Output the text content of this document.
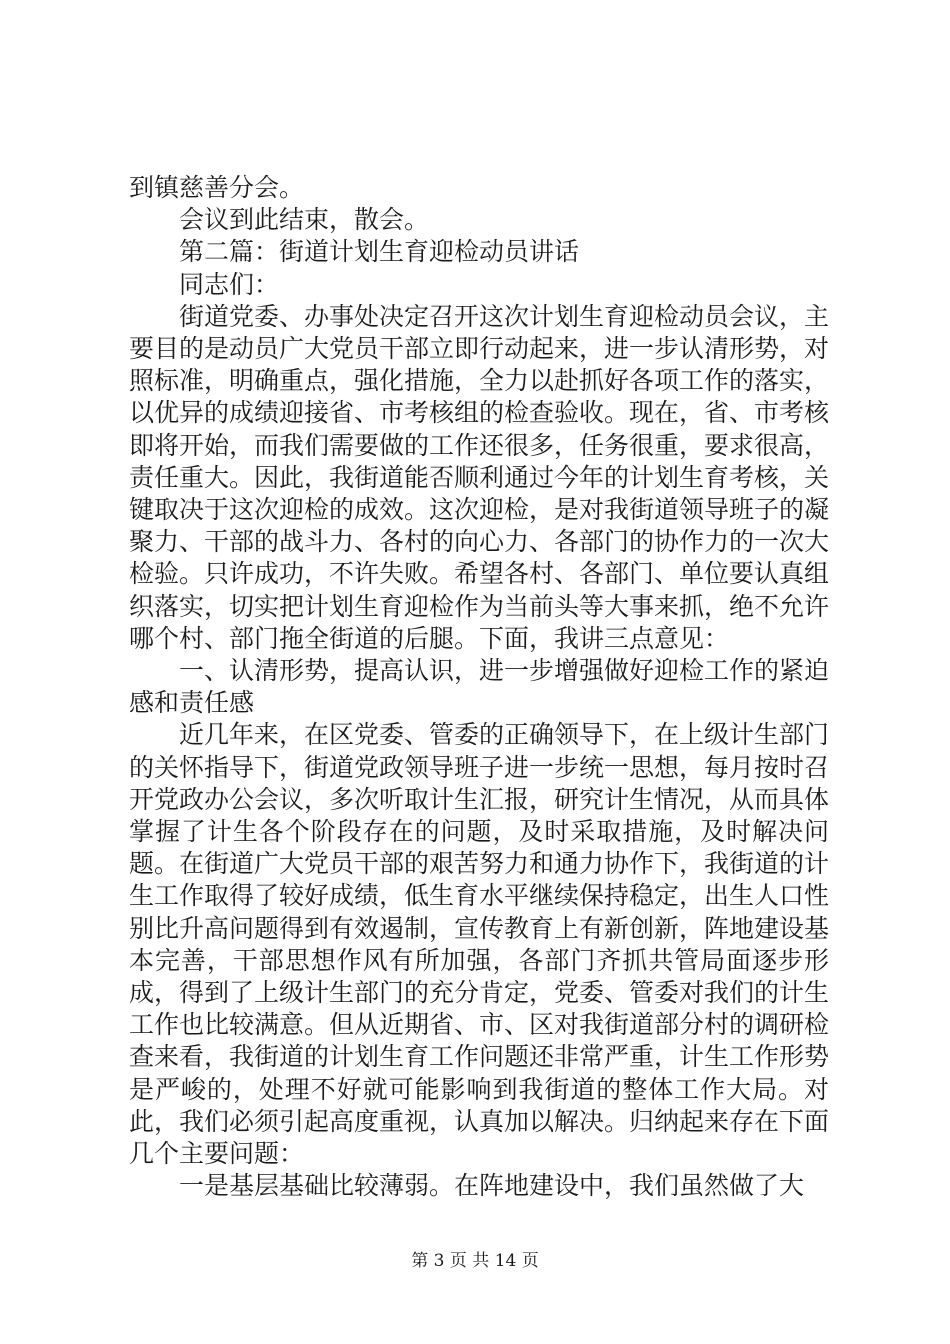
到镇慈善分会。

会议到此结束，散会。

第二篇：街道计划生育迎检动员讲话

同志们：

街道党委、办事处决定召开这次计划生育迎检动员会议，主要目的是动员广大党员干部立即行动起来，进一步认清形势，对照标准，明确重点，强化措施，全力以赴抓好各项工作的落实，以优异的成绩迎接省、市考核组的检查验收。现在，省、市考核即将开始，而我们需要做的工作还很多，任务很重，要求很高，责任重大。因此，我街道能否顺利通过今年的计划生育考核，关键取决于这次迎检的成效。这次迎检，是对我街道领导班子的凝聚力、干部的战斗力、各村的向心力、各部门的协作力的一次大检验。只许成功，不许失败。希望各村、各部门、单位要认真组织落实，切实把计划生育迎检作为当前头等大事来抓，绝不允许哪个村、部门拖全街道的后腿。下面，我讲三点意见：

一、认清形势，提高认识，进一步增强做好迎检工作的紧迫感和责任感

近几年来，在区党委、管委的正确领导下，在上级计生部门的关怀指导下，街道党政领导班子进一步统一思想，每月按时召开党政办公会议，多次听取计生汇报，研究计生情况，从而具体掌握了计生各个阶段存在的问题，及时采取措施，及时解决问题。在街道广大党员干部的艰苦努力和通力协作下，我街道的计生工作取得了较好成绩，低生育水平继续保持稳定，出生人口性别比升高问题得到有效遏制，宣传教育上有新创新，阵地建设基本完善，干部思想作风有所加强，各部门齐抓共管局面逐步形成，得到了上级计生部门的充分肯定，党委、管委对我们的计生工作也比较满意。但从近期省、市、区对我街道部分村的调研检查来看，我街道的计划生育工作问题还非常严重，计生工作形势是严峻的，处理不好就可能影响到我街道的整体工作大局。对此，我们必须引起高度重视，认真加以解决。归纳起来存在下面几个主要问题：

一是基层基础比较薄弱。在阵地建设中，我们虽然做了大

第 3 页 共 14 页
